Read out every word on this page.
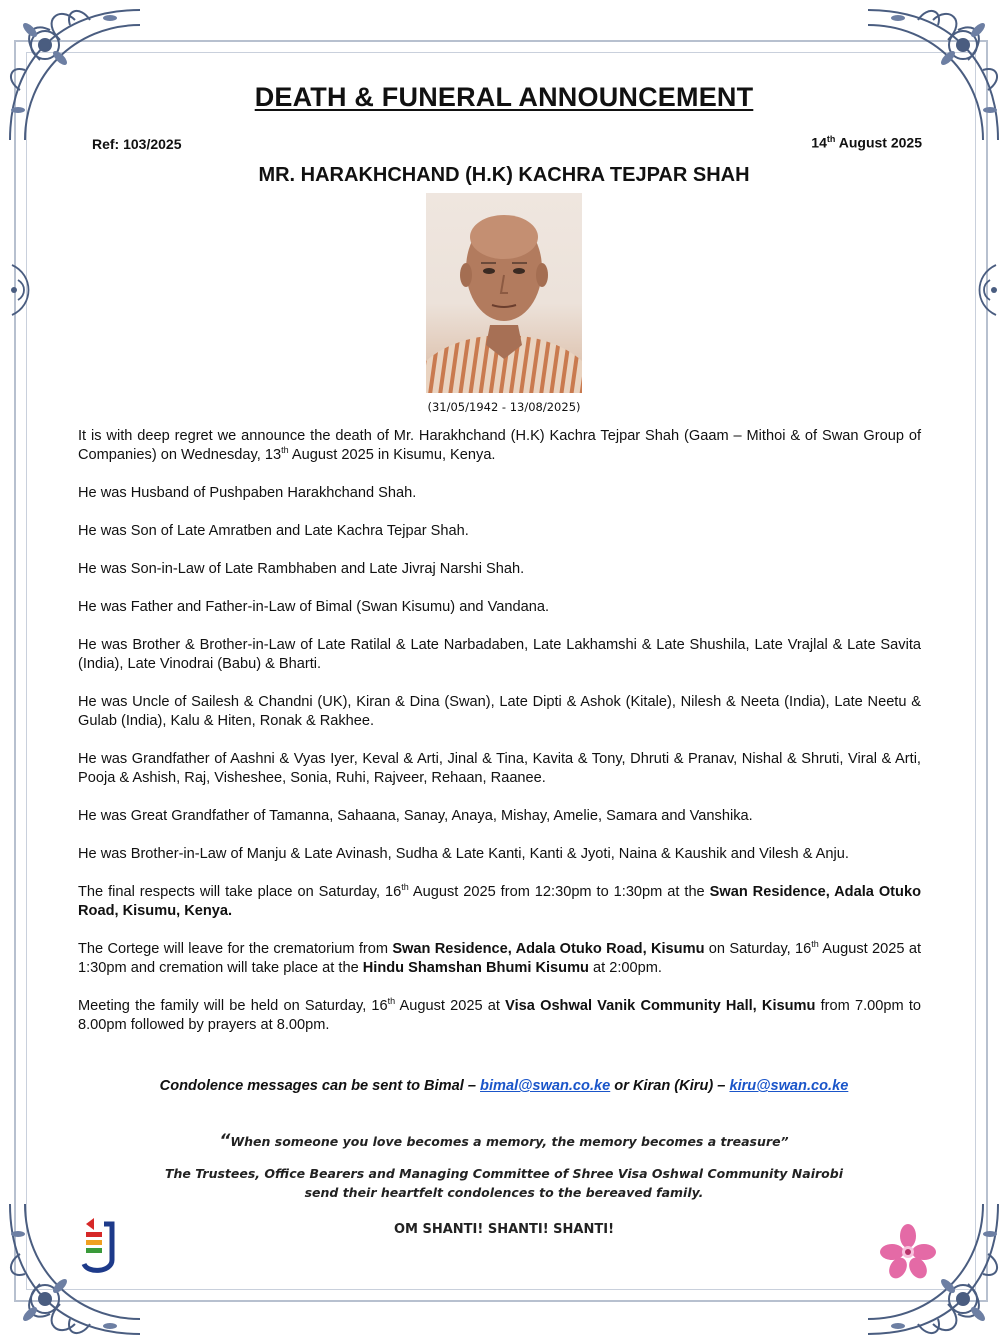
DEATH & FUNERAL ANNOUNCEMENT
Ref: 103/2025	14th August 2025
MR. HARAKHCHAND (H.K) KACHRA TEJPAR SHAH
(31/05/1942 - 13/08/2025)

It is with deep regret we announce the death of Mr. Harakhchand (H.K) Kachra Tejpar Shah (Gaam – Mithoi & of Swan Group of Companies) on Wednesday, 13th August 2025 in Kisumu, Kenya.

He was Husband of Pushpaben Harakhchand Shah.

He was Son of Late Amratben and Late Kachra Tejpar Shah.

He was Son-in-Law of Late Rambhaben and Late Jivraj Narshi Shah.

He was Father and Father-in-Law of Bimal (Swan Kisumu) and Vandana.

He was Brother & Brother-in-Law of Late Ratilal & Late Narbadaben, Late Lakhamshi & Late Shushila, Late Vrajlal & Late Savita (India), Late Vinodrai (Babu) & Bharti.

He was Uncle of Sailesh & Chandni (UK), Kiran & Dina (Swan), Late Dipti & Ashok (Kitale), Nilesh & Neeta (India), Late Neetu & Gulab (India), Kalu & Hiten, Ronak & Rakhee.

He was Grandfather of Aashni & Vyas Iyer, Keval & Arti, Jinal & Tina, Kavita & Tony, Dhruti & Pranav, Nishal & Shruti, Viral & Arti, Pooja & Ashish, Raj, Visheshee, Sonia, Ruhi, Rajveer, Rehaan, Raanee.

He was Great Grandfather of Tamanna, Sahaana, Sanay, Anaya, Mishay, Amelie, Samara and Vanshika.

He was Brother-in-Law of Manju & Late Avinash, Sudha & Late Kanti, Kanti & Jyoti, Naina & Kaushik and Vilesh & Anju.

The final respects will take place on Saturday, 16th August 2025 from 12:30pm to 1:30pm at the Swan Residence, Adala Otuko Road, Kisumu, Kenya.

The Cortege will leave for the crematorium from Swan Residence, Adala Otuko Road, Kisumu on Saturday, 16th August 2025 at 1:30pm and cremation will take place at the Hindu Shamshan Bhumi Kisumu at 2:00pm.

Meeting the family will be held on Saturday, 16th August 2025 at Visa Oshwal Vanik Community Hall, Kisumu from 7.00pm to 8.00pm followed by prayers at 8.00pm.

Condolence messages can be sent to Bimal – bimal@swan.co.ke or Kiran (Kiru) – kiru@swan.co.ke
“When someone you love becomes a memory, the memory becomes a treasure”
The Trustees, Office Bearers and Managing Committee of Shree Visa Oshwal Community Nairobi
send their heartfelt condolences to the bereaved family.
OM SHANTI! SHANTI! SHANTI!
